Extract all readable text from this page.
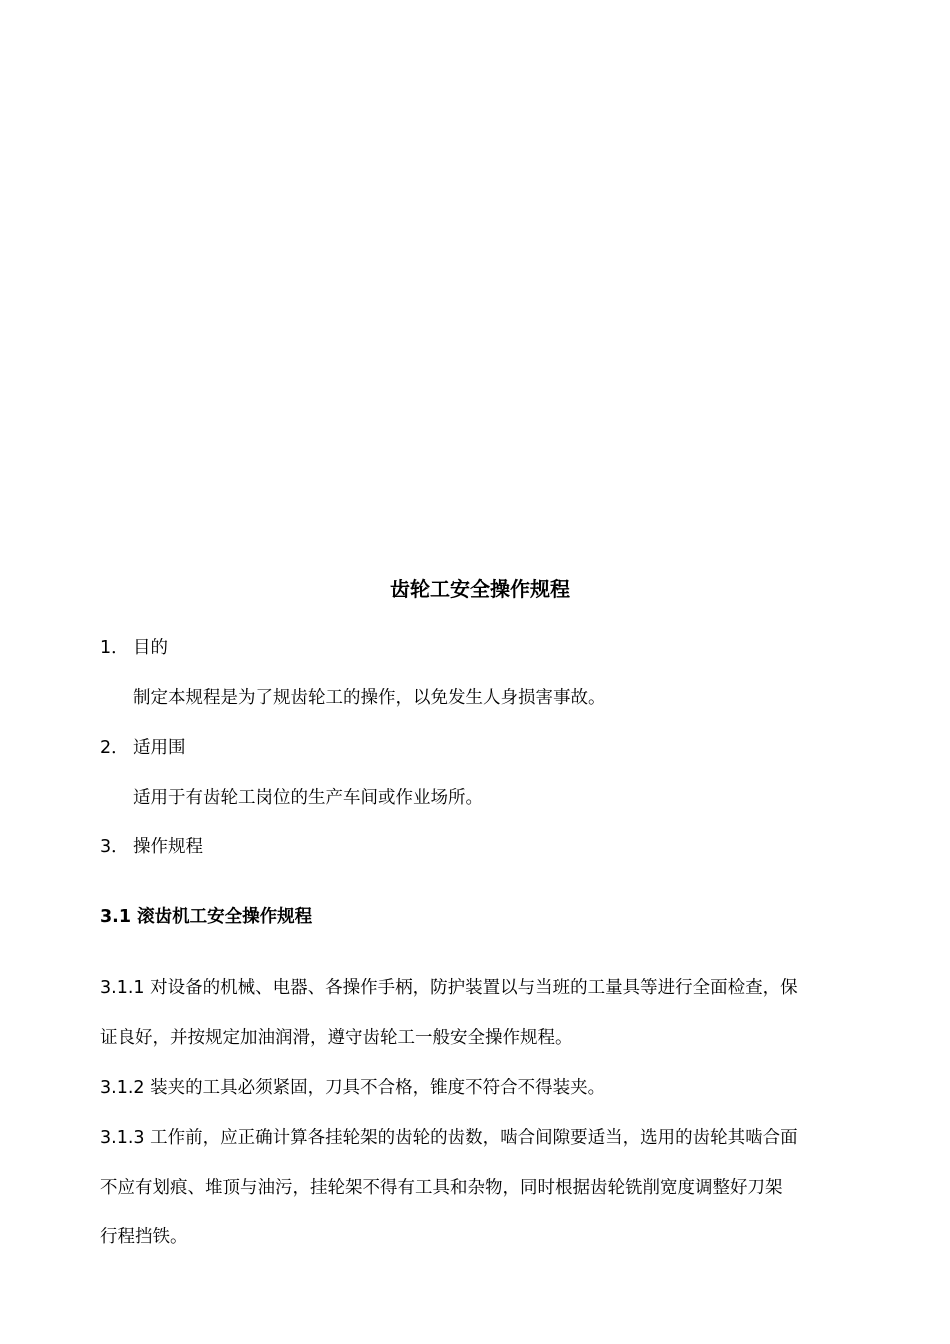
齿轮工安全操作规程
1． 目的
制定本规程是为了规齿轮工的操作，以免发生人身损害事故。
2． 适用围
适用于有齿轮工岗位的生产车间或作业场所。
3． 操作规程
3.1 滚齿机工安全操作规程
3.1.1 对设备的机械、电器、各操作手柄，防护装置以与当班的工量具等进行全面检查，保
证良好，并按规定加油润滑，遵守齿轮工一般安全操作规程。
3.1.2 装夹的工具必须紧固，刀具不合格，锥度不符合不得装夹。
3.1.3 工作前，应正确计算各挂轮架的齿轮的齿数，啮合间隙要适当，选用的齿轮其啮合面
不应有划痕、堆顶与油污，挂轮架不得有工具和杂物，同时根据齿轮铣削宽度调整好刀架
行程挡铁。
